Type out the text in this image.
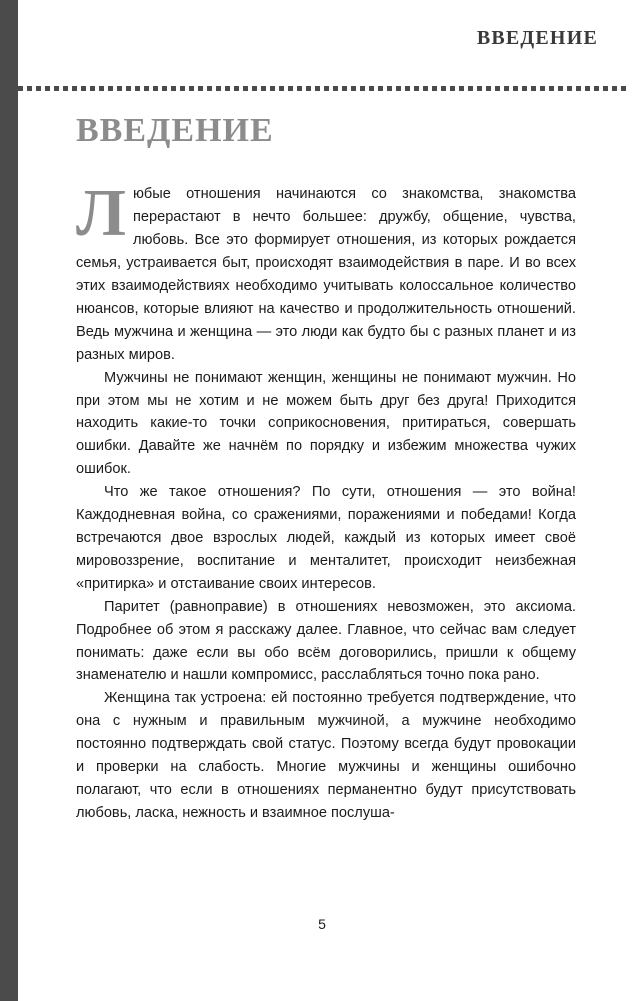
ВВЕДЕНИЕ
ВВЕДЕНИЕ

Любые отношения начинаются со знакомства, знакомства перерастают в нечто большее: дружбу, общение, чувства, любовь. Все это формирует отношения, из которых рождается семья, устраивается быт, происходят взаимодействия в паре. И во всех этих взаимодействиях необходимо учитывать колоссальное количество нюансов, которые влияют на качество и продолжительность отношений. Ведь мужчина и женщина — это люди как будто бы с разных планет и из разных миров.

Мужчины не понимают женщин, женщины не понимают мужчин. Но при этом мы не хотим и не можем быть друг без друга! Приходится находить какие-то точки соприкосновения, притираться, совершать ошибки. Давайте же начнём по порядку и избежим множества чужих ошибок.

Что же такое отношения? По сути, отношения — это война! Каждодневная война, со сражениями, поражениями и победами! Когда встречаются двое взрослых людей, каждый из которых имеет своё мировоззрение, воспитание и менталитет, происходит неизбежная «притирка» и отстаивание своих интересов.

Паритет (равноправие) в отношениях невозможен, это аксиома. Подробнее об этом я расскажу далее. Главное, что сейчас вам следует понимать: даже если вы обо всём договорились, пришли к общему знаменателю и нашли компромисс, расслабляться точно пока рано.

Женщина так устроена: ей постоянно требуется подтверждение, что она с нужным и правильным мужчиной, а мужчине необходимо постоянно подтверждать свой статус. Поэтому всегда будут провокации и проверки на слабость. Многие мужчины и женщины ошибочно полагают, что если в отношениях перманентно будут присутствовать любовь, ласка, нежность и взаимное послуша-

5
